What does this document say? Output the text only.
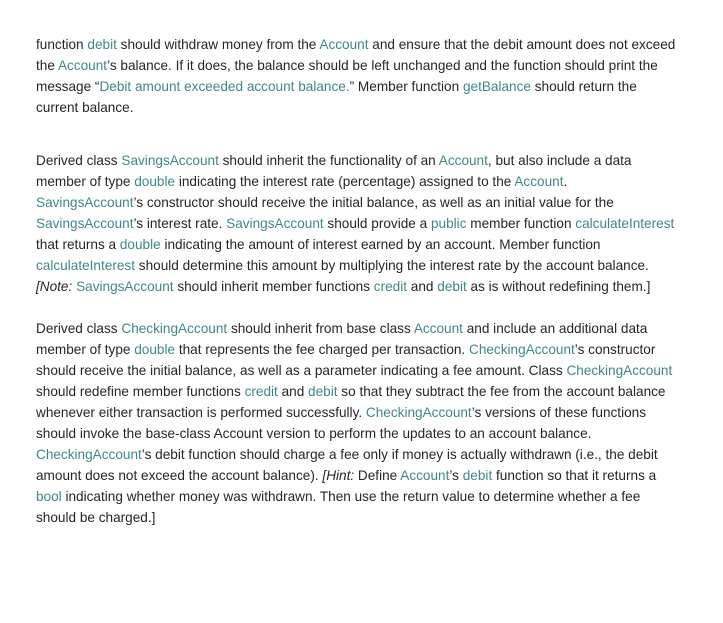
function debit should withdraw money from the Account and ensure that the debit amount does not exceed the Account’s balance. If it does, the balance should be left unchanged and the function should print the message “Debit amount exceeded account balance.” Member function getBalance should return the current balance.

Derived class SavingsAccount should inherit the functionality of an Account, but also include a data member of type double indicating the interest rate (percentage) assigned to the Account. SavingsAccount’s constructor should receive the initial balance, as well as an initial value for the SavingsAccount’s interest rate. SavingsAccount should provide a public member function calculateInterest that returns a double indicating the amount of interest earned by an account. Member function calculateInterest should determine this amount by multiplying the interest rate by the account balance. [Note: SavingsAccount should inherit member functions credit and debit as is without redefining them.]

Derived class CheckingAccount should inherit from base class Account and include an additional data member of type double that represents the fee charged per transaction. CheckingAccount’s constructor should receive the initial balance, as well as a parameter indicating a fee amount. Class CheckingAccount should redefine member functions credit and debit so that they subtract the fee from the account balance whenever either transaction is performed successfully. CheckingAccount’s versions of these functions should invoke the base-class Account version to perform the updates to an account balance. CheckingAccount’s debit function should charge a fee only if money is actually withdrawn (i.e., the debit amount does not exceed the account balance). [Hint: Define Account’s debit function so that it returns a bool indicating whether money was withdrawn. Then use the return value to determine whether a fee should be charged.]
